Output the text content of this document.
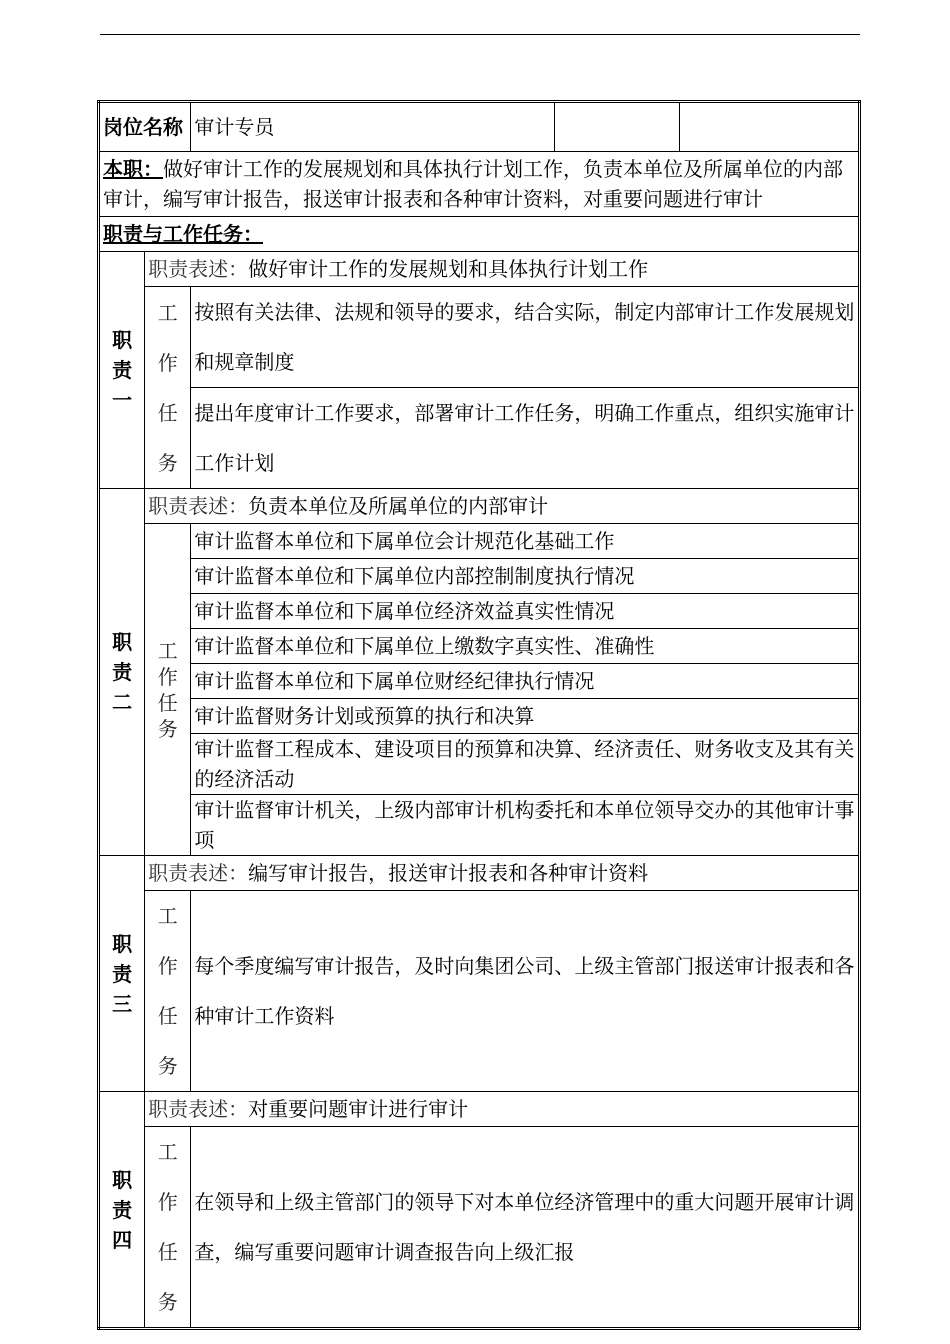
岗位名称		审计专员		
本职：做好审计工作的发展规划和具体执行计划工作，负责本单位及所属单位的内部审计，编写审计报告，报送审计报表和各种审计资料，对重要问题进行审计				
职责与工作任务：				

职
责
一	职责表述：做好审计工作的发展规划和具体执行计划工作			

	工
作
任
务	按照有关法律、法规和领导的要求，结合实际，制定内部审计工作发展规划和规章制度		
		提出年度审计工作要求，部署审计工作任务，明确工作重点，组织实施审计工作计划		

职
责
二	职责表述：负责本单位及所属单位的内部审计			

	工
作
任
务	审计监督本单位和下属单位会计规范化基础工作		
		审计监督本单位和下属单位内部控制制度执行情况		
		审计监督本单位和下属单位经济效益真实性情况		
		审计监督本单位和下属单位上缴数字真实性、准确性		
		审计监督本单位和下属单位财经纪律执行情况		
		审计监督财务计划或预算的执行和决算		
		审计监督工程成本、建设项目的预算和决算、经济责任、财务收支及其有关的经济活动		
		审计监督审计机关，上级内部审计机构委托和本单位领导交办的其他审计事项		

职
责
三	职责表述：编写审计报告，报送审计报表和各种审计资料			

	工
作
任
务	每个季度编写审计报告，及时向集团公司、上级主管部门报送审计报表和各种审计工作资料		

职
责
四	职责表述：对重要问题审计进行审计			

	工
作
任
务	在领导和上级主管部门的领导下对本单位经济管理中的重大问题开展审计调查，编写重要问题审计调查报告向上级汇报		
